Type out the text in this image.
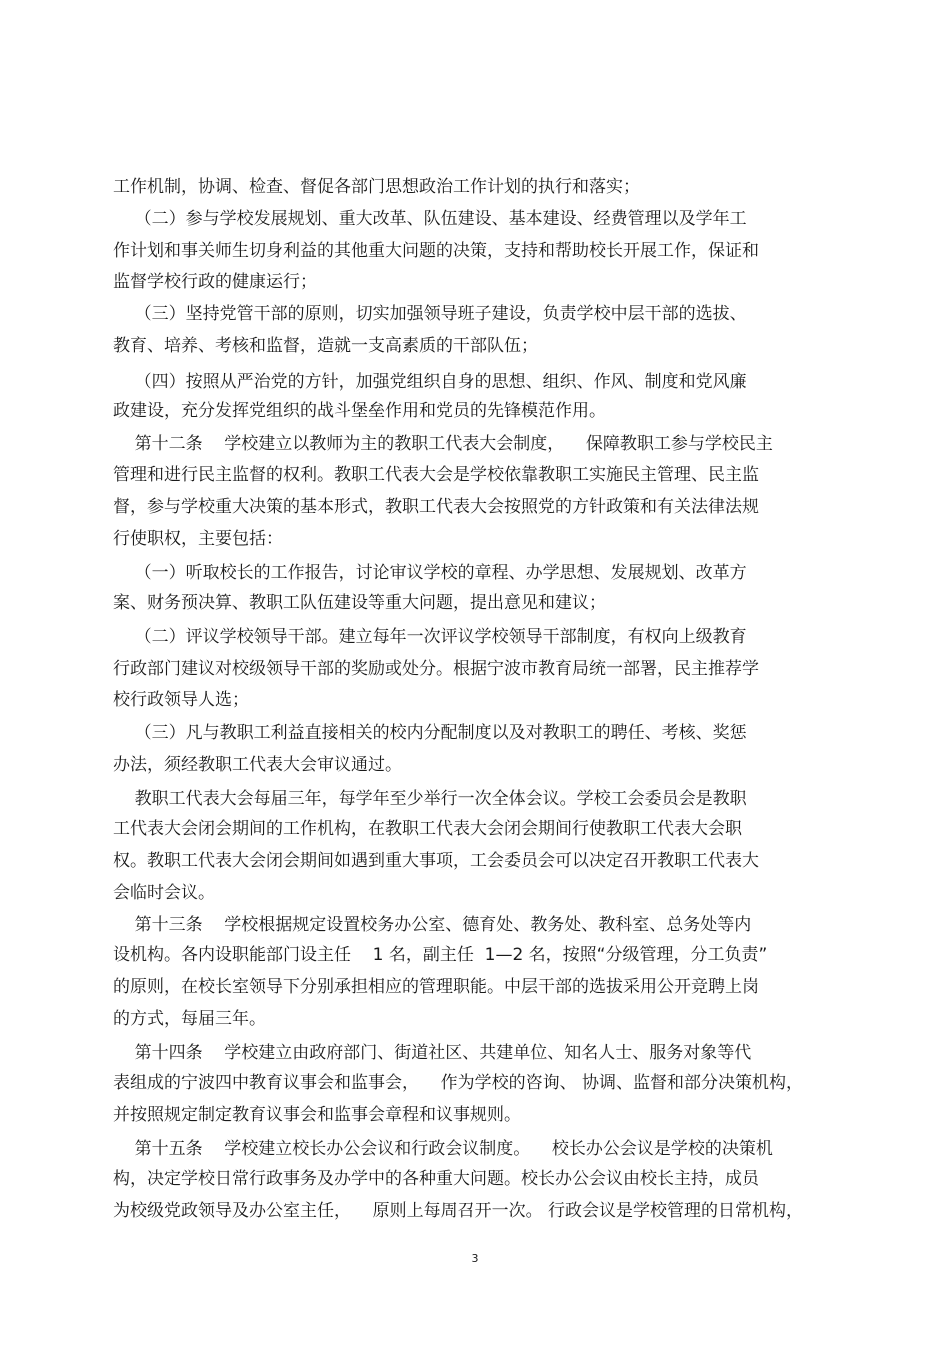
工作机制，协调、检查、督促各部门思想政治工作计划的执行和落实；
（二）参与学校发展规划、重大改革、队伍建设、基本建设、经费管理以及学年工
作计划和事关师生切身利益的其他重大问题的决策，支持和帮助校长开展工作，保证和
监督学校行政的健康运行；
（三）坚持党管干部的原则，切实加强领导班子建设，负责学校中层干部的选拔、
教育、培养、考核和监督，造就一支高素质的干部队伍；
（四）按照从严治党的方针，加强党组织自身的思想、组织、作风、制度和党风廉
政建设，充分发挥党组织的战斗堡垒作用和党员的先锋模范作用。
第十二条    学校建立以教师为主的教职工代表大会制度，    保障教职工参与学校民主
管理和进行民主监督的权利。教职工代表大会是学校依靠教职工实施民主管理、民主监
督，参与学校重大决策的基本形式，教职工代表大会按照党的方针政策和有关法律法规
行使职权，主要包括：
（一）听取校长的工作报告，讨论审议学校的章程、办学思想、发展规划、改革方
案、财务预决算、教职工队伍建设等重大问题，提出意见和建议；
（二）评议学校领导干部。建立每年一次评议学校领导干部制度，有权向上级教育
行政部门建议对校级领导干部的奖励或处分。根据宁波市教育局统一部署，民主推荐学
校行政领导人选；
（三）凡与教职工利益直接相关的校内分配制度以及对教职工的聘任、考核、奖惩
办法，须经教职工代表大会审议通过。
教职工代表大会每届三年，每学年至少举行一次全体会议。学校工会委员会是教职
工代表大会闭会期间的工作机构，在教职工代表大会闭会期间行使教职工代表大会职
权。教职工代表大会闭会期间如遇到重大事项，工会委员会可以决定召开教职工代表大
会临时会议。
第十三条    学校根据规定设置校务办公室、德育处、教务处、教科室、总务处等内
设机构。各内设职能部门设主任    1 名，副主任  1—2 名，按照“分级管理，分工负责”
的原则，在校长室领导下分别承担相应的管理职能。中层干部的选拔采用公开竞聘上岗
的方式，每届三年。
第十四条    学校建立由政府部门、街道社区、共建单位、知名人士、服务对象等代
表组成的宁波四中教育议事会和监事会，    作为学校的咨询、 协调、监督和部分决策机构，
并按照规定制定教育议事会和监事会章程和议事规则。
第十五条    学校建立校长办公会议和行政会议制度。    校长办公会议是学校的决策机
构，决定学校日常行政事务及办学中的各种重大问题。校长办公会议由校长主持，成员
为校级党政领导及办公室主任，    原则上每周召开一次。 行政会议是学校管理的日常机构，
3
